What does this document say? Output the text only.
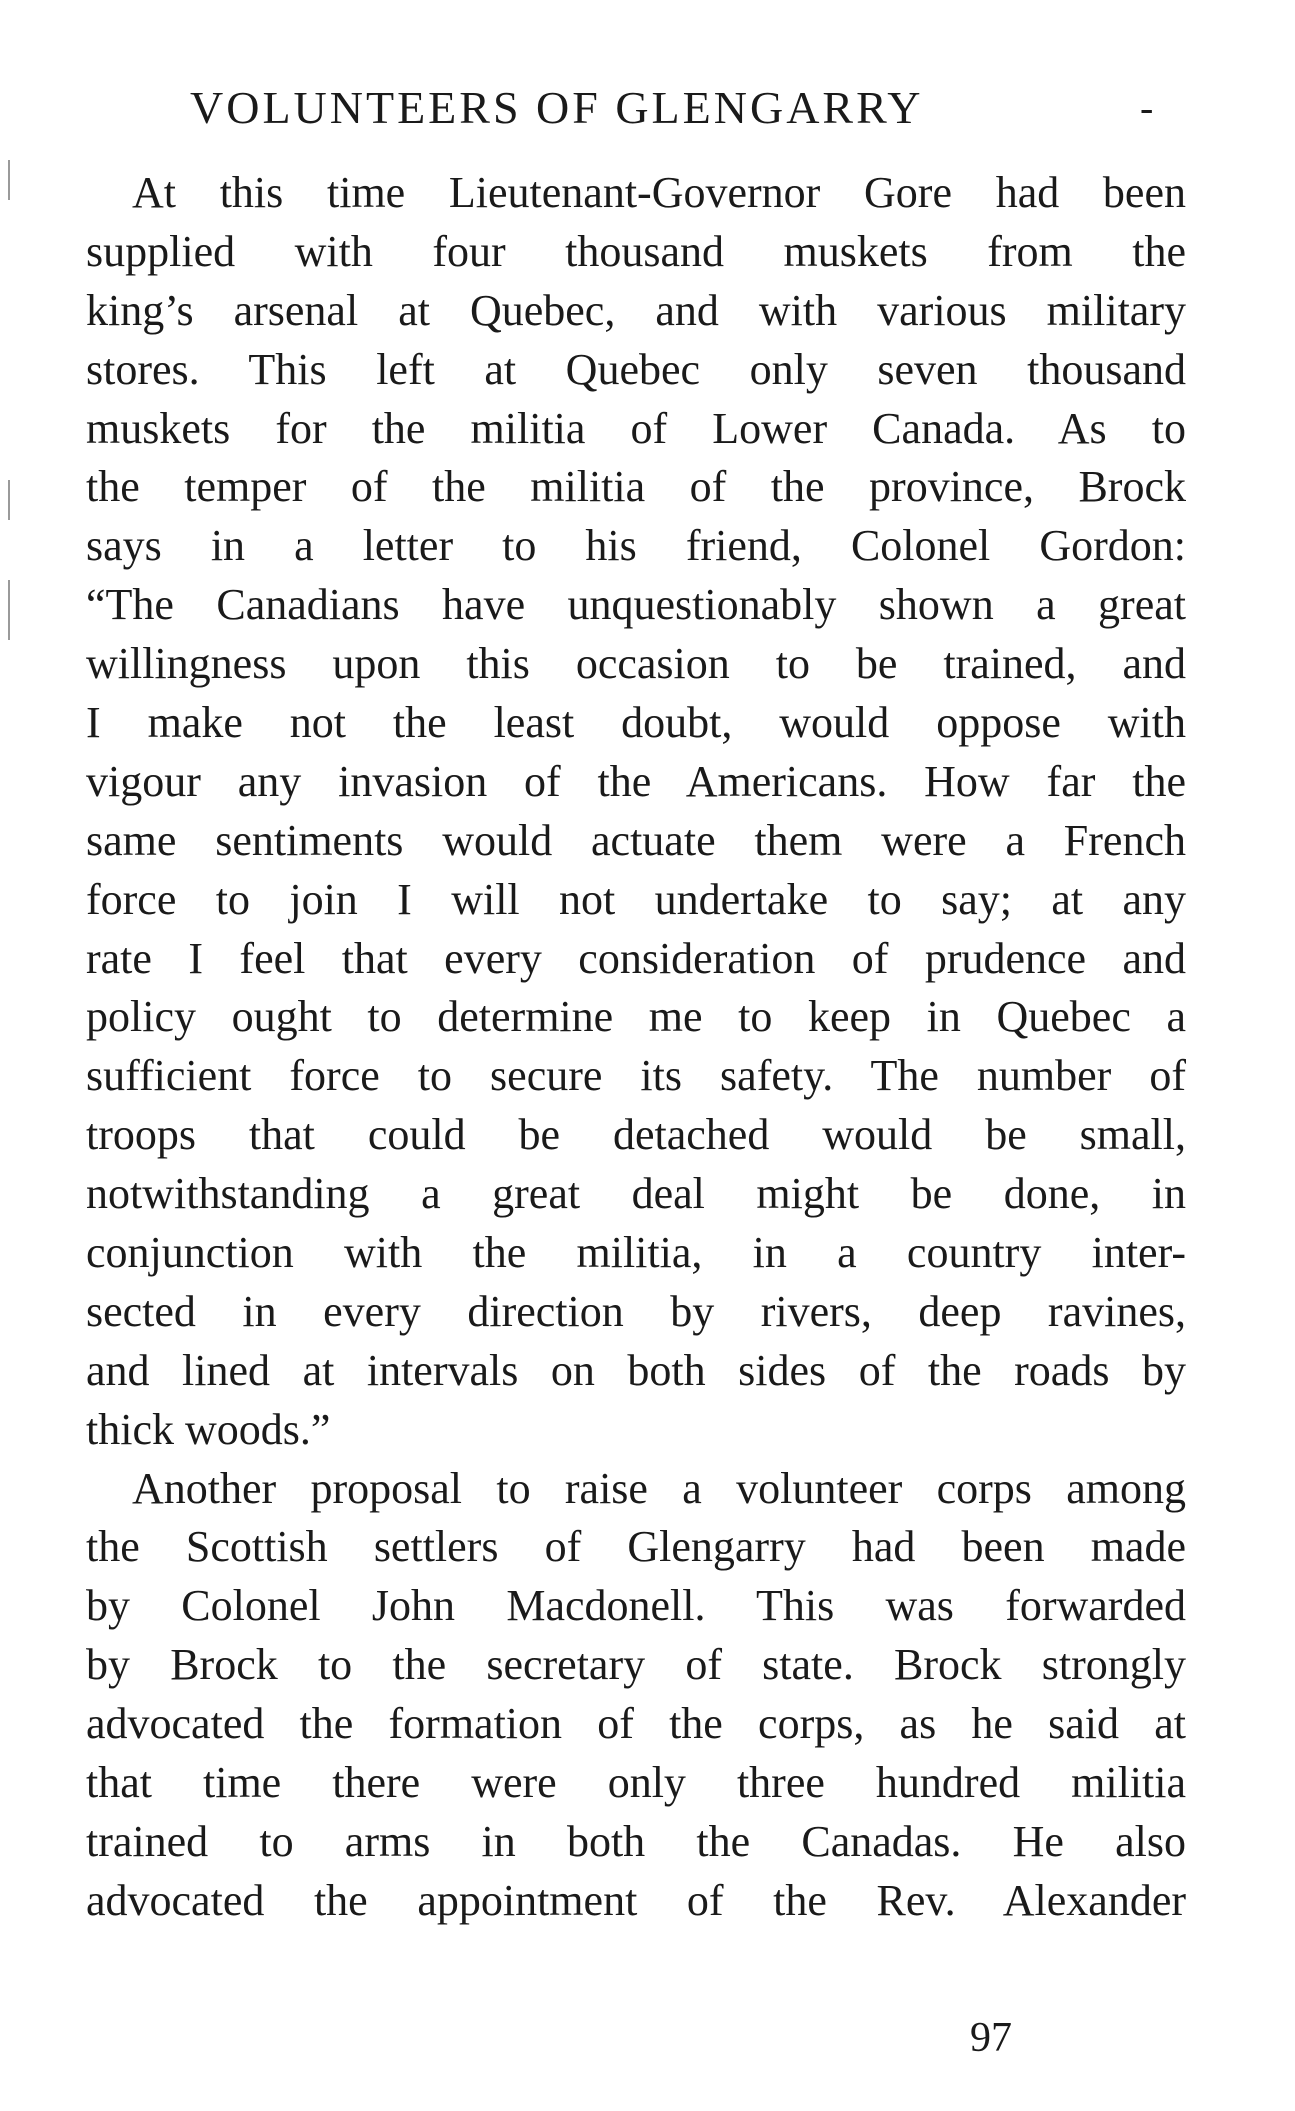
VOLUNTEERS OF GLENGARRY	-
At this time Lieutenant-Governor Gore had been
supplied with four thousand muskets from the
king’s arsenal at Quebec, and with various military
stores. This left at Quebec only seven thousand
muskets for the militia of Lower Canada. As to
the temper of the militia of the province, Brock
says in a letter to his friend, Colonel Gordon:
“The Canadians have unquestionably shown a great
willingness upon this occasion to be trained, and
I make not the least doubt, would oppose with
vigour any invasion of the Americans. How far the
same sentiments would actuate them were a French
force to join I will not undertake to say; at any
rate I feel that every consideration of prudence and
policy ought to determine me to keep in Quebec a
sufficient force to secure its safety. The number of
troops that could be detached would be small,
notwithstanding a great deal might be done, in
conjunction with the militia, in a country inter-
sected in every direction by rivers, deep ravines,
and lined at intervals on both sides of the roads by
thick woods.”
Another proposal to raise a volunteer corps among
the Scottish settlers of Glengarry had been made
by Colonel John Macdonell. This was forwarded
by Brock to the secretary of state. Brock strongly
advocated the formation of the corps, as he said at
that time there were only three hundred militia
trained to arms in both the Canadas. He also
advocated the appointment of the Rev. Alexander
97
